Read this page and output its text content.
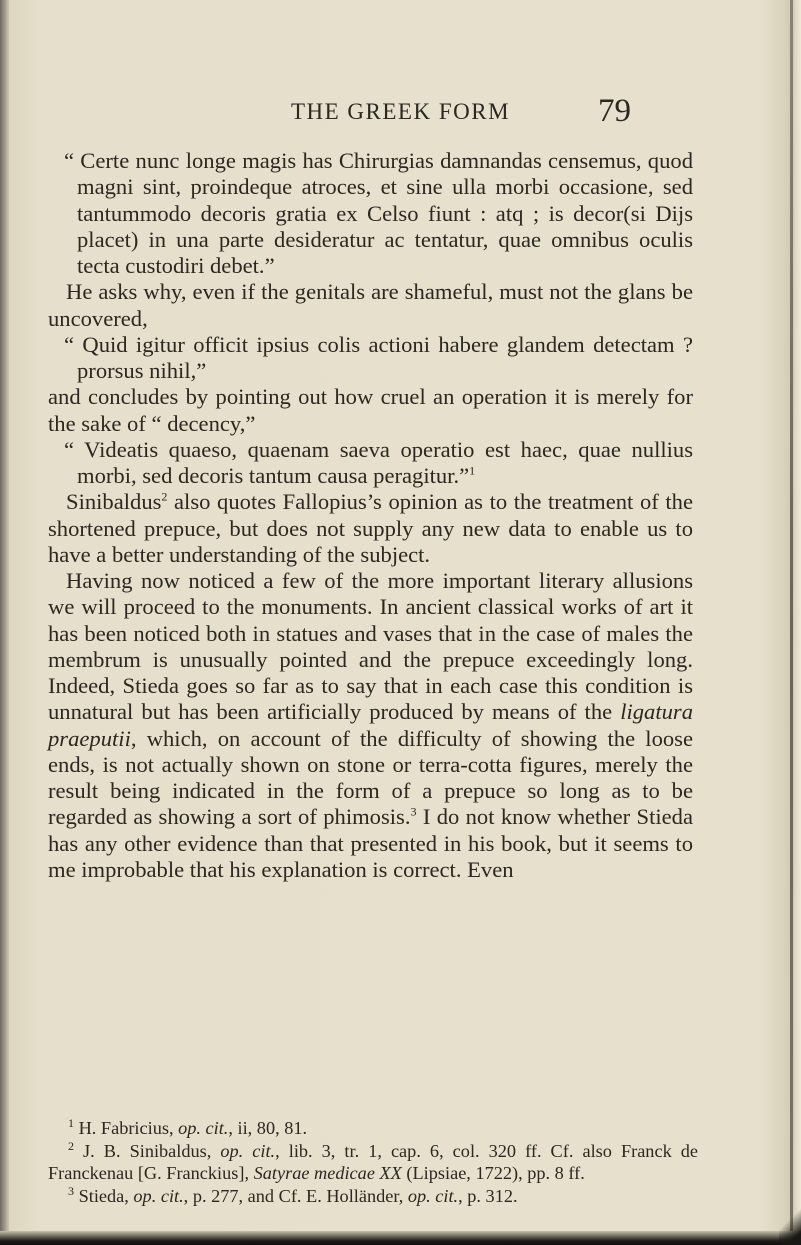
THE GREEK FORM	79

“ Certe nunc longe magis has Chirurgias damnandas censemus, quod magni sint, proindeque atroces, et sine ulla morbi occasione, sed tantummodo decoris gratia ex Celso fiunt : atq ; is decor(si Dijs placet) in una parte desideratur ac tentatur, quae omnibus oculis tecta custodiri debet.”

He asks why, even if the genitals are shameful, must not the glans be uncovered,

“ Quid igitur officit ipsius colis actioni habere glandem detectam ? prorsus nihil,”

and concludes by pointing out how cruel an operation it is merely for the sake of “ decency,”

“ Videatis quaeso, quaenam saeva operatio est haec, quae nullius morbi, sed decoris tantum causa peragitur.”$^1$

Sinibaldus$^2$ also quotes Fallopius’s opinion as to the treatment of the shortened prepuce, but does not supply any new data to enable us to have a better understanding of the subject.

Having now noticed a few of the more important literary allusions we will proceed to the monuments. In ancient classical works of art it has been noticed both in statues and vases that in the case of males the membrum is unusually pointed and the prepuce exceedingly long. Indeed, Stieda goes so far as to say that in each case this condition is unnatural but has been artificially produced by means of the ligatura praeputii, which, on account of the difficulty of showing the loose ends, is not actually shown on stone or terra-cotta figures, merely the result being indicated in the form of a prepuce so long as to be regarded as showing a sort of phimosis.$^3$ I do not know whether Stieda has any other evidence than that presented in his book, but it seems to me improbable that his explanation is correct. Even

$^1$ H. Fabricius, op. cit., ii, 80, 81.

$^2$ J. B. Sinibaldus, op. cit., lib. 3, tr. 1, cap. 6, col. 320 ff. Cf. also Franck de Franckenau [G. Franckius], Satyrae medicae XX (Lipsiae, 1722), pp. 8 ff.

$^3$ Stieda, op. cit., p. 277, and Cf. E. Holländer, op. cit., p. 312.
